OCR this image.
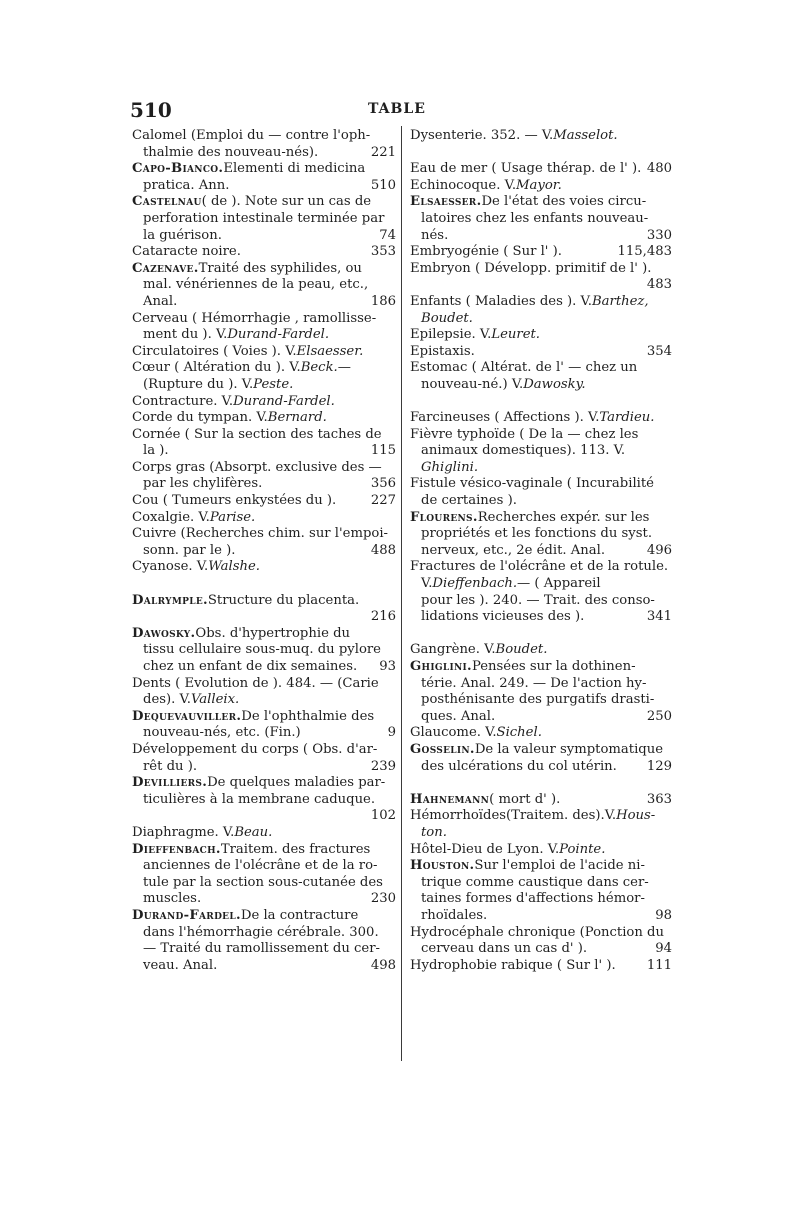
510	TABLE
Calomel (Emploi du — contre l'oph-
thalmie des nouveau-nés).	221
Capo-Bianco. Elementi di medicina
pratica. Ann.	510
Castelnau ( de ). Note sur un cas de
perforation intestinale terminée par
la guérison.	74
Cataracte noire.	353
Cazenave. Traité des syphilides, ou
mal. vénériennes de la peau, etc.,
Anal.	186
Cerveau ( Hémorrhagie , ramollisse-
ment du ). V. Durand-Fardel.
Circulatoires ( Voies ). V. Elsaesser.
Cœur ( Altération du ). V. Beck. —
(Rupture du ). V. Peste.
Contracture. V. Durand-Fardel.
Corde du tympan. V. Bernard.
Cornée ( Sur la section des taches de
la ).	115
Corps gras (Absorpt. exclusive des —
par les chylifères.	356
Cou ( Tumeurs enkystées du ).	227
Coxalgie. V. Parise.
Cuivre (Recherches chim. sur l'empoi-
sonn. par le ).	488
Cyanose. V. Walshe.
Dalrymple. Structure du placenta.
216
Dawosky. Obs. d'hypertrophie du
tissu cellulaire sous-muq. du pylore
chez un enfant de dix semaines.	93
Dents ( Evolution de ). 484. — (Carie
des). V. Valleix.
Dequevauviller. De l'ophthalmie des
nouveau-nés, etc. (Fin.)	9
Développement du corps ( Obs. d'ar-
rêt du ).	239
Devilliers. De quelques maladies par-
ticulières à la membrane caduque.
102
Diaphragme. V. Beau.
Dieffenbach. Traitem. des fractures
anciennes de l'olécrâne et de la ro-
tule par la section sous-cutanée des
muscles.	230
Durand-Fardel. De la contracture
dans l'hémorrhagie cérébrale. 300.
— Traité du ramollissement du cer-
veau. Anal.	498
Dysenterie. 352. — V. Masselot.
Eau de mer ( Usage thérap. de l' ). 480
Echinocoque. V. Mayor.
Elsaesser. De l'état des voies circu-
latoires chez les enfants nouveau-
nés.	330
Embryogénie ( Sur l' ).	115,483
Embryon ( Développ. primitif de l' ).
483
Enfants ( Maladies des ). V. Barthez,
Boudet.
Epilepsie. V. Leuret.
Epistaxis.	354
Estomac ( Altérat. de l' — chez un
nouveau-né.) V. Dawosky.
Farcineuses ( Affections ). V. Tardieu.
Fièvre typhoïde ( De la — chez les
animaux domestiques). 113. V.
Ghiglini.
Fistule vésico-vaginale ( Incurabilité
de certaines ).
Flourens. Recherches expér. sur les
propriétés et les fonctions du syst.
nerveux, etc., 2e édit. Anal.	496
Fractures de l'olécrâne et de la rotule.
V. Dieffenbach. — ( Appareil
pour les ). 240. — Trait. des conso-
lidations vicieuses des ).	341
Gangrène. V. Boudet.
Ghiglini. Pensées sur la dothinen-
térie. Anal. 249. — De l'action hy-
posthénisante des purgatifs drasti-
ques. Anal.	250
Glaucome. V. Sichel.
Gosselin. De la valeur symptomatique
des ulcérations du col utérin.	129
Hahnemann ( mort d' ).	363
Hémorrhoïdes(Traitem. des).V. Hous-
ton.
Hôtel-Dieu de Lyon. V. Pointe.
Houston. Sur l'emploi de l'acide ni-
trique comme caustique dans cer-
taines formes d'affections hémor-
rhoïdales.	98
Hydrocéphale chronique (Ponction du
cerveau dans un cas d' ).	94
Hydrophobie rabique ( Sur l' ).	111
